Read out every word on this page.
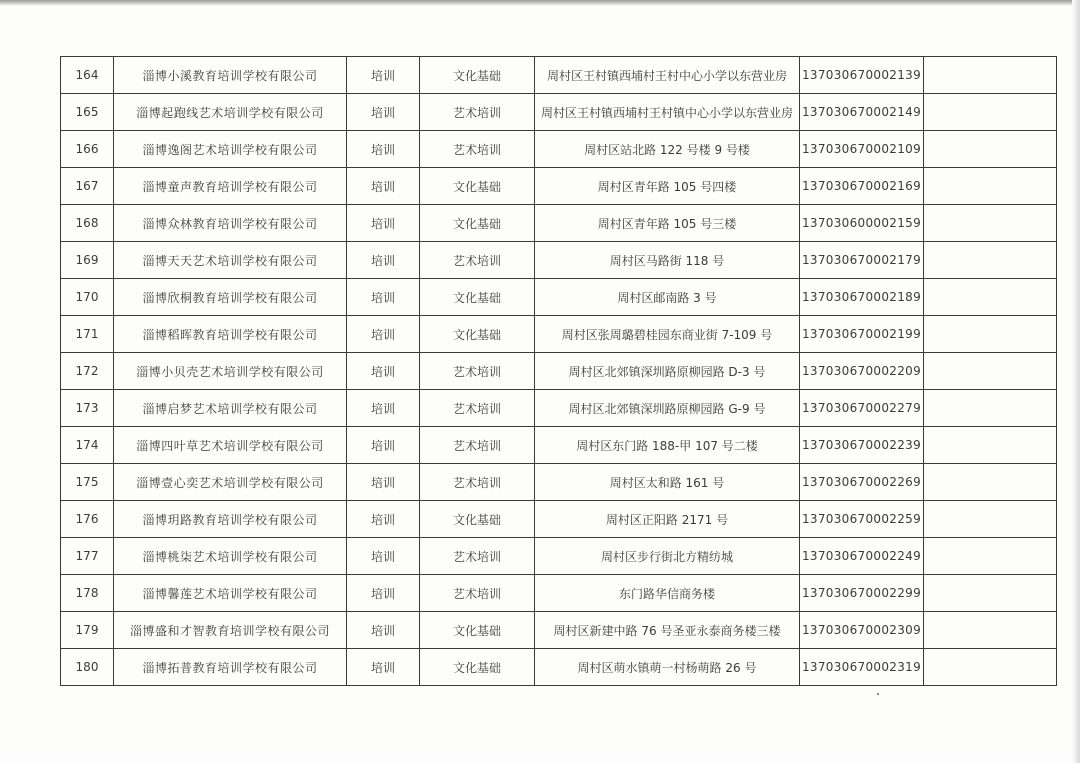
164	淄博小溪教育培训学校有限公司	培训	文化基础	周村区王村镇西埔村王村中心小学以东营业房	137030670002139	
165	淄博起跑线艺术培训学校有限公司	培训	艺术培训	周村区王村镇西埔村王村镇中心小学以东营业房	137030670002149	
166	淄博逸阁艺术培训学校有限公司	培训	艺术培训	周村区站北路 122 号楼 9 号楼	137030670002109	
167	淄博童声教育培训学校有限公司	培训	文化基础	周村区青年路 105 号四楼	137030670002169	
168	淄博众林教育培训学校有限公司	培训	文化基础	周村区青年路 105 号三楼	137030600002159	
169	淄博天天艺术培训学校有限公司	培训	艺术培训	周村区马路街 118 号	137030670002179	
170	淄博欣桐教育培训学校有限公司	培训	文化基础	周村区邮南路 3 号	137030670002189	
171	淄博稻晖教育培训学校有限公司	培训	文化基础	周村区张周璐碧桂园东商业街 7-109 号	137030670002199	
172	淄博小贝壳艺术培训学校有限公司	培训	艺术培训	周村区北郊镇深圳路原柳园路 D-3 号	137030670002209	
173	淄博启梦艺术培训学校有限公司	培训	艺术培训	周村区北郊镇深圳路原柳园路 G-9 号	137030670002279	
174	淄博四叶草艺术培训学校有限公司	培训	艺术培训	周村区东门路 188-甲 107 号二楼	137030670002239	
175	淄博壹心奕艺术培训学校有限公司	培训	艺术培训	周村区太和路 161 号	137030670002269	
176	淄博玥路教育培训学校有限公司	培训	文化基础	周村区正阳路 2171 号	137030670002259	
177	淄博桃柒艺术培训学校有限公司	培训	艺术培训	周村区步行街北方精纺城	137030670002249	
178	淄博馨莲艺术培训学校有限公司	培训	艺术培训	东门路华信商务楼	137030670002299	
179	淄博盛和才智教育培训学校有限公司	培训	文化基础	周村区新建中路 76 号圣亚永泰商务楼三楼	137030670002309	
180	淄博拓普教育培训学校有限公司	培训	文化基础	周村区萌水镇萌一村杨萌路 26 号	137030670002319	
